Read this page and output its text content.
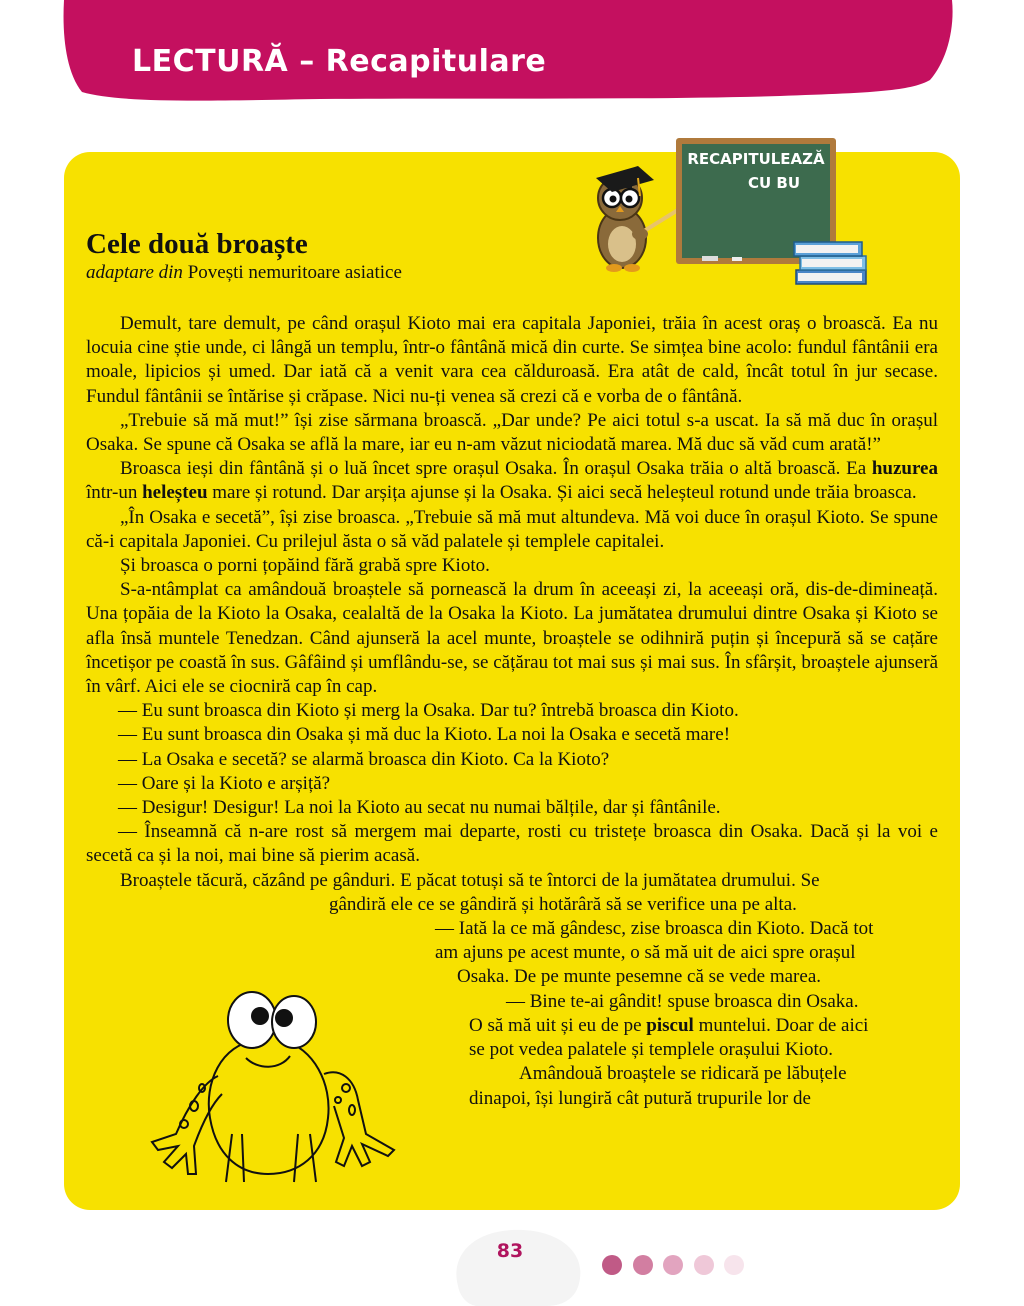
LECTURĂ – Recapitulare
RECAPITULEAZĂ
CU BU
Cele două broaște
adaptare din Povești nemuritoare asiatice

Demult, tare demult, pe când orașul Kioto mai era capitala Japoniei, trăia în acest oraș o broască. Ea nu locuia cine știe unde, ci lângă un templu, într-o fântână mică din curte. Se simțea bine acolo: fundul fântânii era moale, lipicios și umed. Dar iată că a venit vara cea călduroasă. Era atât de cald, încât totul în jur secase. Fundul fântânii se întărise și crăpase. Nici nu-ți venea să crezi că e vorba de o fântână.

„Trebuie să mă mut!” își zise sărmana broască. „Dar unde? Pe aici totul s-a uscat. Ia să mă duc în orașul Osaka. Se spune că Osaka se află la mare, iar eu n-am văzut niciodată marea. Mă duc să văd cum arată!”

Broasca ieși din fântână și o luă încet spre orașul Osaka. În orașul Osaka trăia o altă broască. Ea huzurea într-un heleșteu mare și rotund. Dar arșița ajunse și la Osaka. Și aici secă heleșteul rotund unde trăia broasca.

„În Osaka e secetă”, își zise broasca. „Trebuie să mă mut altundeva. Mă voi duce în orașul Kioto. Se spune că-i capitala Japoniei. Cu prilejul ăsta o să văd palatele și templele capitalei.

Și broasca o porni țopăind fără grabă spre Kioto.

S-a-ntâmplat ca amândouă broaștele să pornească la drum în aceeași zi, la aceeași oră, dis-de-dimineață. Una țopăia de la Kioto la Osaka, cealaltă de la Osaka la Kioto. La jumătatea drumului dintre Osaka și Kioto se afla însă muntele Tenedzan. Când ajunseră la acel munte, broaștele se odihniră puțin și începură să se cațăre încetișor pe coastă în sus. Gâfâind și umflându-se, se cățărau tot mai sus și mai sus. În sfârșit, broaștele ajunseră în vârf. Aici ele se ciocniră cap în cap.

— Eu sunt broasca din Kioto și merg la Osaka. Dar tu? întrebă broasca din Kioto.

— Eu sunt broasca din Osaka și mă duc la Kioto. La noi la Osaka e secetă mare!

— La Osaka e secetă? se alarmă broasca din Kioto. Ca la Kioto?

— Oare și la Kioto e arșiță?

— Desigur! Desigur! La noi la Kioto au secat nu numai bălțile, dar și fântânile.

— Înseamnă că n-are rost să mergem mai departe, rosti cu tristețe broasca din Osaka. Dacă și la voi e secetă ca și la noi, mai bine să pierim acasă.

Broaștele tăcură, căzând pe gânduri. E păcat totuși să te întorci de la jumătatea drumului. Se

gândiră ele ce se gândiră și hotărâră să se verifice una pe alta.

— Iată la ce mă gândesc, zise broasca din Kioto. Dacă tot

am ajuns pe acest munte, o să mă uit de aici spre orașul

Osaka. De pe munte pesemne că se vede marea.

— Bine te-ai gândit! spuse broasca din Osaka.

O să mă uit și eu de pe piscul muntelui. Doar de aici

se pot vedea palatele și templele orașului Kioto.

Amândouă broaștele se ridicară pe lăbuțele

dinapoi, își lungiră cât putură trupurile lor de

83
